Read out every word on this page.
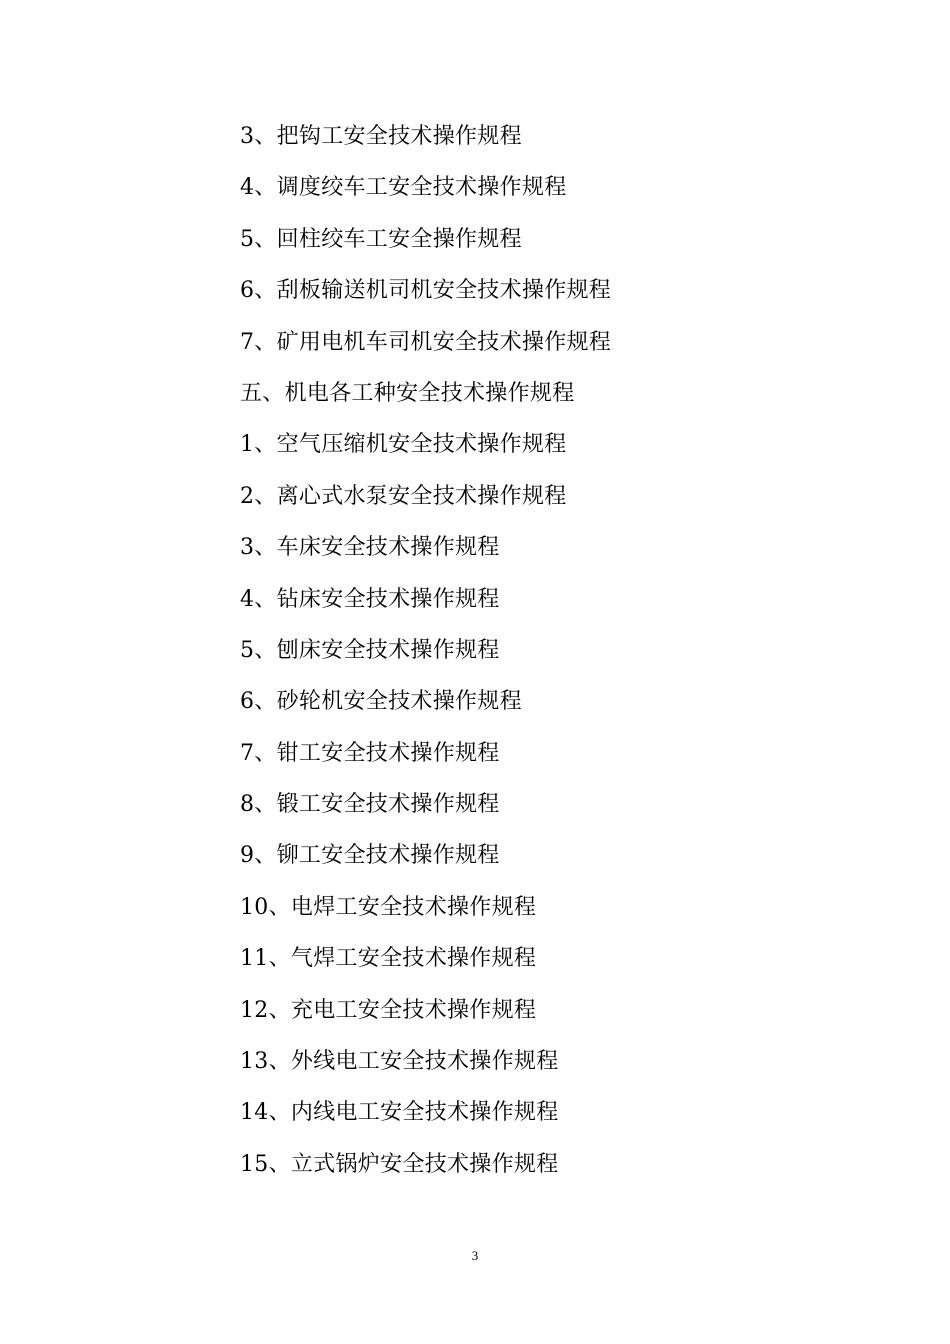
3、把钩工安全技术操作规程
4、调度绞车工安全技术操作规程
5、回柱绞车工安全操作规程
6、刮板输送机司机安全技术操作规程
7、矿用电机车司机安全技术操作规程
五、机电各工种安全技术操作规程
1、空气压缩机安全技术操作规程
2、离心式水泵安全技术操作规程
3、车床安全技术操作规程
4、钻床安全技术操作规程
5、刨床安全技术操作规程
6、砂轮机安全技术操作规程
7、钳工安全技术操作规程
8、锻工安全技术操作规程
9、铆工安全技术操作规程
10、电焊工安全技术操作规程
11、气焊工安全技术操作规程
12、充电工安全技术操作规程
13、外线电工安全技术操作规程
14、内线电工安全技术操作规程
15、立式锅炉安全技术操作规程
3
